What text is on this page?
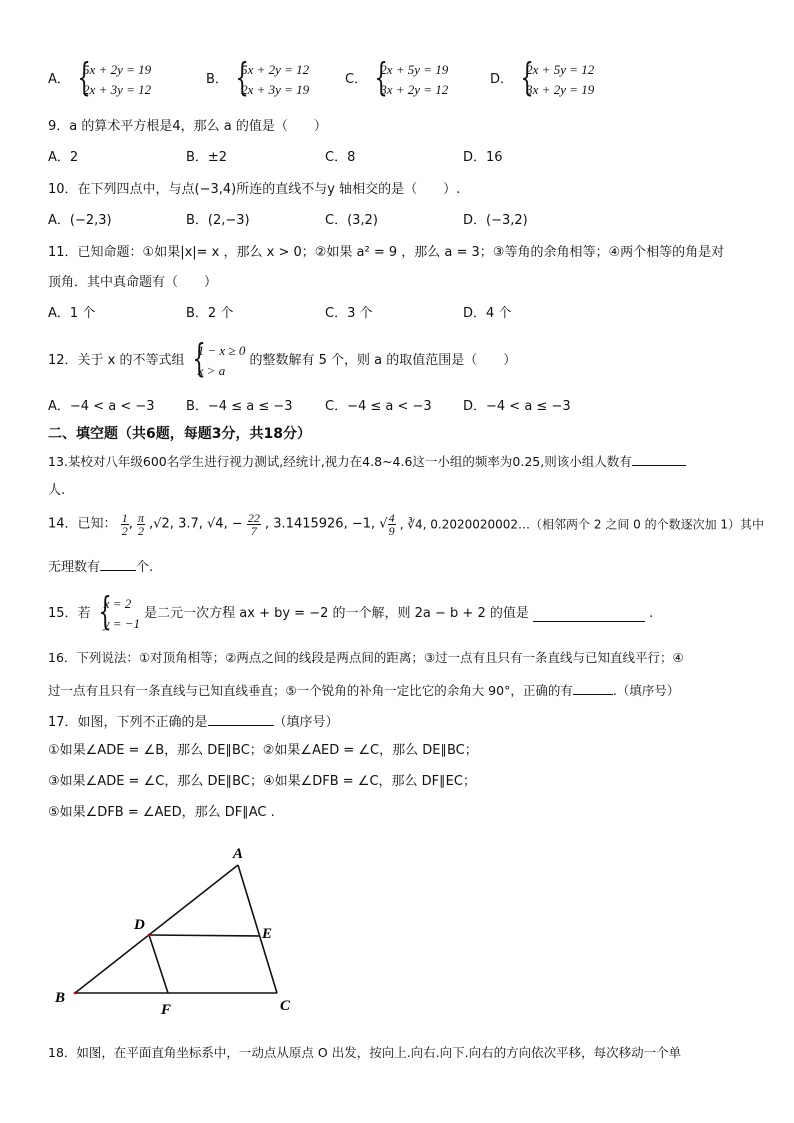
A．
{ 5x + 2y = 19
2x + 3y = 12
B．
{ 5x + 2y = 12
2x + 3y = 19
C．
{ 2x + 5y = 19
3x + 2y = 12
D．
{ 2x + 5y = 12
3x + 2y = 19
9．a 的算术平方根是4，那么 a 的值是（　　）
A．2	B．±2	C．8	D．16
10．在下列四点中，与点(−3,4)所连的直线不与y 轴相交的是（　　）.
A．(−2,3)	B．(2,−3)	C．(3,2)	D．(−3,2)
11．已知命题：①如果|x|= x ，那么 x > 0；②如果 a² = 9 ，那么 a = 3；③等角的余角相等；④两个相等的角是对
顶角．其中真命题有（　　）
A．1 个	B．2 个	C．3 个	D．4 个
12．关于 x 的不等式组
{ 1 − x ≥ 0
x > a
的整数解有 5 个，则 a 的取值范围是（　　）
A．−4 < a < −3 B．−4 ≤ a ≤ −3 C．−4 ≤ a < −3 D．−4 < a ≤ −3
二、填空题（共6题，每题3分，共18分）
13.某校对八年级600名学生进行视力测试,经统计,视力在4.8~4.6这一小组的频率为0.25,则该小组人数有
人.
14．已知： $\frac{1}{2}$ , $\frac{\pi}{2} ,√2$, 3.7, √4, − $\frac{22}{7}$ , 3.1415926, −1, √ $\frac{4}{9}$ , ∛4, 0.2020020002…（相邻两个 2 之间 0 的个数逐次加 1）其中
无理数有	个.
15．若
{ x = 2
y = −1
是二元一次方程 ax + by = −2 的一个解，则 2a − b + 2 的值是	.
16．下列说法：①对顶角相等；②两点之间的线段是两点间的距离；③过一点有且只有一条直线与已知直线平行；④
过一点有且只有一条直线与已知直线垂直；⑤一个锐角的补角一定比它的余角大 90°，正确的有	.（填序号）
17．如图，下列不正确的是	（填序号）
①如果∠ADE = ∠B，那么 DE∥BC；②如果∠AED = ∠C，那么 DE∥BC；
③如果∠ADE = ∠C，那么 DE∥BC；④如果∠DFB = ∠C，那么 DF∥EC；
⑤如果∠DFB = ∠AED，那么 DF∥AC .
A
B	C
D
E
F
18．如图，在平面直角坐标系中，一动点从原点 O 出发，按向上.向右.向下.向右的方向依次平移，每次移动一个单
